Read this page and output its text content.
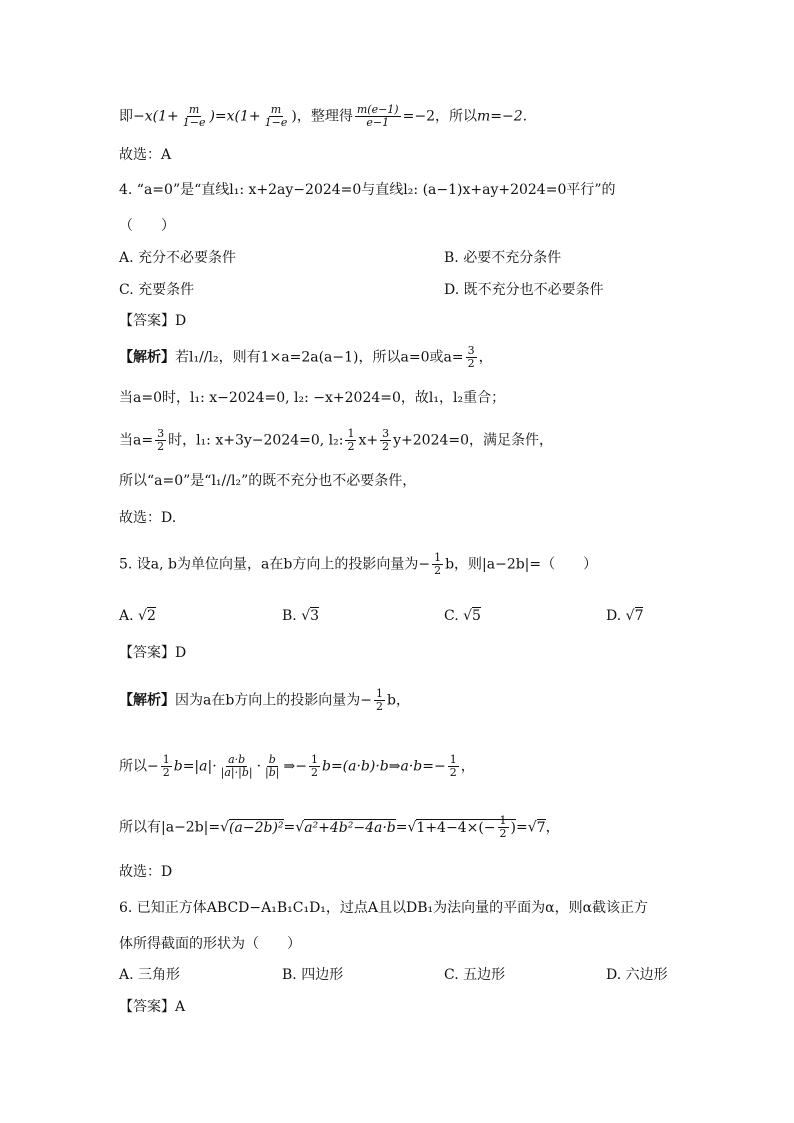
即$-x(1+ \frac{m}{1-e} )=x(1+ \frac{m}{1-e}$ )，整理得 $\frac{m(e-1)}{e-1} =-2$，所以m=−2.
故选：A
4. “a=0”是“直线l₁: x+2ay−2024=0与直线l₂: (a−1)x+ay+2024=0平行”的
（　　）
A. 充分不必要条件	B. 必要不充分条件
C. 充要条件	D. 既不充分也不必要条件
【答案】D
【解析】若l₁//l₂，则有1×a=2a(a−1)，所以a=0或$a= \frac{3}{2}$ ，
当a=0时，l₁: x−2024=0, l₂: −x+2024=0，故l₁，l₂重合；
当$a= \frac{3}{2}$ 时，l₁: x+3y−2024=0, l₂: $\frac{1}{2} x+ \frac{3}{2} y+2024=0$，满足条件，
所以“a=0”是“l₁//l₂”的既不充分也不必要条件，
故选：D.
5. 设a, b为单位向量，a在b方向上的投影向量为− $\frac{1}{2}$ b，则|a−2b|=（　　）
A. √2	B. √3	C. √5	D. √7
【答案】D
【解析】因为a在b方向上的投影向量为− $\frac{1}{2}$ b，
所以− $\frac{1}{2} b=|a|\cdot \frac{a\cdot b}{|a|\cdot|b|} \cdot \frac{b}{|b|}$ ⇒− $\frac{1}{2}$ b=(a·b)·b⇒a·b=− $\frac{1}{2}$ ，
所以有$|a-2b|=√(a-2b)^2=√a^2+4b^2-4a\cdot b=√1+4-4\times(- \frac{1}{2} )=√7$，
故选：D
6. 已知正方体ABCD−A₁B₁C₁D₁，过点A且以DB₁为法向量的平面为α，则α截该正方
体所得截面的形状为（　　）
A. 三角形	B. 四边形	C. 五边形	D. 六边形
【答案】A
